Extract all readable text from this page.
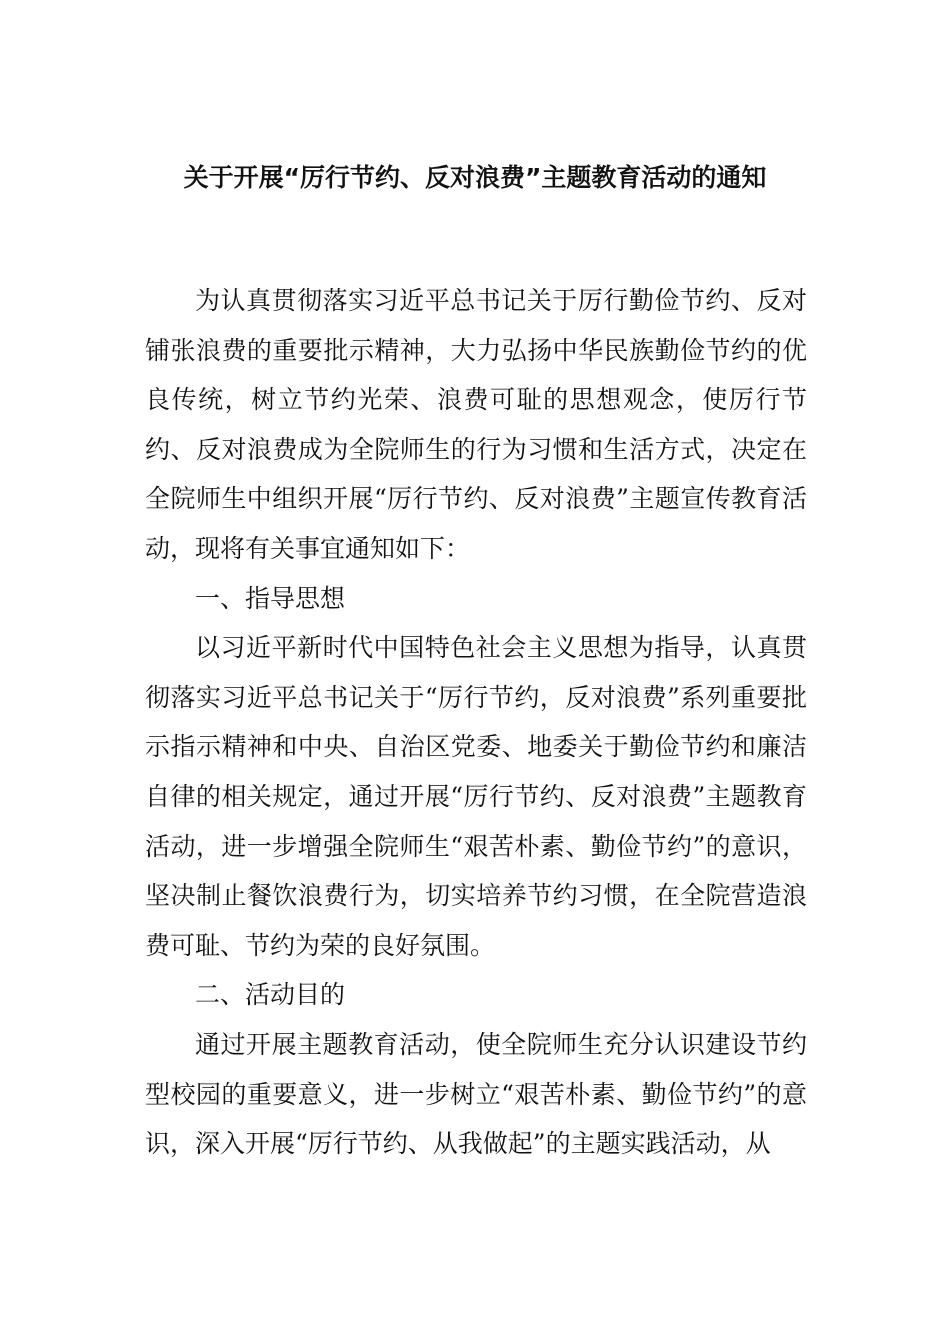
关于开展“厉行节约、反对浪费”主题教育活动的通知

为认真贯彻落实习近平总书记关于厉行勤俭节约、反对铺张浪费的重要批示精神，大力弘扬中华民族勤俭节约的优良传统，树立节约光荣、浪费可耻的思想观念，使厉行节约、反对浪费成为全院师生的行为习惯和生活方式，决定在全院师生中组织开展“厉行节约、反对浪费”主题宣传教育活动，现将有关事宜通知如下：

一、指导思想

以习近平新时代中国特色社会主义思想为指导，认真贯彻落实习近平总书记关于“厉行节约，反对浪费”系列重要批示指示精神和中央、自治区党委、地委关于勤俭节约和廉洁自律的相关规定，通过开展“厉行节约、反对浪费”主题教育活动，进一步增强全院师生“艰苦朴素、勤俭节约”的意识，坚决制止餐饮浪费行为，切实培养节约习惯，在全院营造浪费可耻、节约为荣的良好氛围。

二、活动目的

通过开展主题教育活动，使全院师生充分认识建设节约型校园的重要意义，进一步树立“艰苦朴素、勤俭节约”的意识，深入开展“厉行节约、从我做起”的主题实践活动，从
